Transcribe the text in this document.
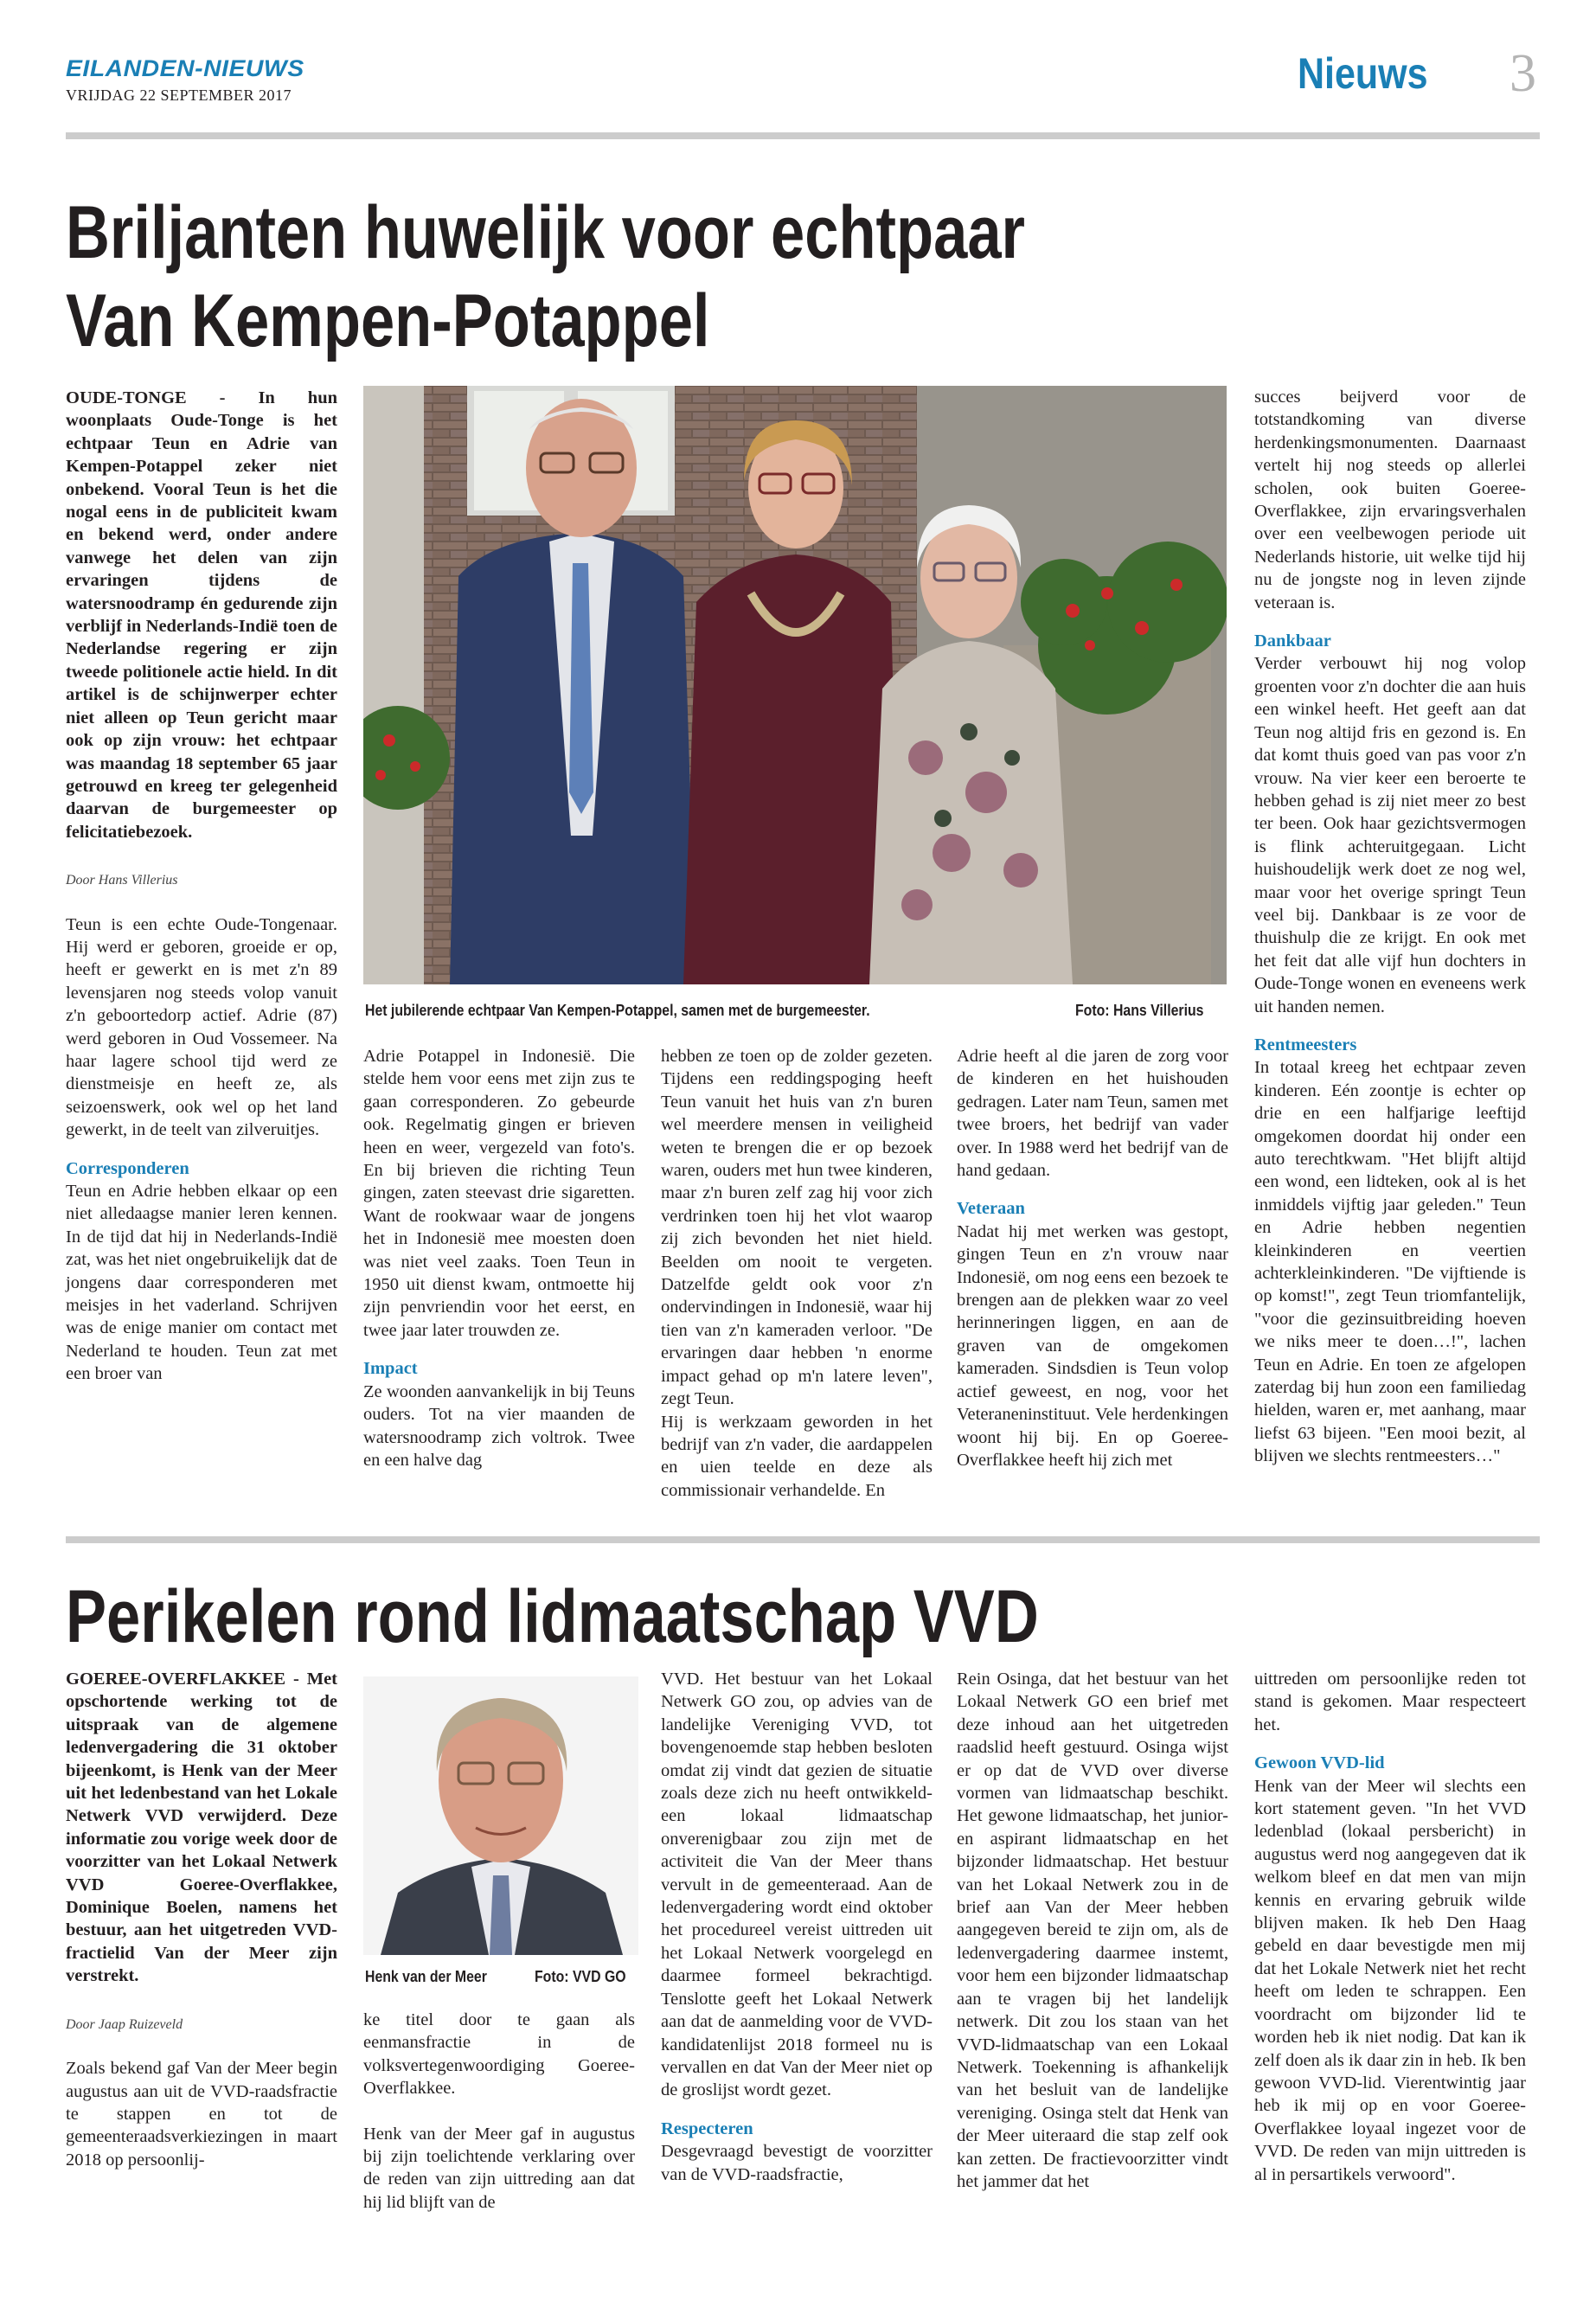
EILANDEN-NIEUWS
VRIJDAG 22 SEPTEMBER 2017	Nieuws 3
Briljanten huwelijk voor echtpaar
Van Kempen-Potappel

OUDE-TONGE - In hun woonplaats Oude-Tonge is het echtpaar Teun en Adrie van Kempen-Potappel zeker niet onbekend. Vooral Teun is het die nogal eens in de publiciteit kwam en bekend werd, onder andere vanwege het delen van zijn ervaringen tijdens de watersnoodramp én gedurende zijn verblijf in Nederlands-Indië toen de Nederlandse regering er zijn tweede politionele actie hield. In dit artikel is de schijnwerper echter niet alleen op Teun gericht maar ook op zijn vrouw: het echtpaar was maandag 18 september 65 jaar getrouwd en kreeg ter gelegenheid daarvan de burgemeester op felicitatiebezoek.

Door Hans Villerius

Teun is een echte Oude-Tongenaar. Hij werd er geboren, groeide er op, heeft er gewerkt en is met z'n 89 levensjaren nog steeds volop vanuit z'n geboortedorp actief. Adrie (87) werd geboren in Oud Vossemeer. Na haar lagere school tijd werd ze dienstmeisje en heeft ze, als seizoenswerk, ook wel op het land gewerkt, in de teelt van zilveruitjes.

Corresponderen

Teun en Adrie hebben elkaar op een niet alledaagse manier leren kennen. In de tijd dat hij in Nederlands-Indië zat, was het niet ongebruikelijk dat de jongens daar corresponderen met meisjes in het vaderland. Schrijven was de enige manier om contact met Nederland te houden. Teun zat met een broer van

Het jubilerende echtpaar Van Kempen-Potappel, samen met de burgemeester.	Foto: Hans Villerius

Adrie Potappel in Indonesië. Die stelde hem voor eens met zijn zus te gaan corresponderen. Zo gebeurde ook. Regelmatig gingen er brieven heen en weer, vergezeld van foto's. En bij brieven die richting Teun gingen, zaten steevast drie sigaretten. Want de rookwaar waar de jongens het in Indonesië mee moesten doen was niet veel zaaks. Toen Teun in 1950 uit dienst kwam, ontmoette hij zijn penvriendin voor het eerst, en twee jaar later trouwden ze.

Impact

Ze woonden aanvankelijk in bij Teuns ouders. Tot na vier maanden de watersnoodramp zich voltrok. Twee en een halve dag

hebben ze toen op de zolder gezeten. Tijdens een reddingspoging heeft Teun vanuit het huis van z'n buren wel meerdere mensen in veiligheid weten te brengen die er op bezoek waren, ouders met hun twee kinderen, maar z'n buren zelf zag hij voor zich verdrinken toen hij het vlot waarop zij zich bevonden het niet hield. Beelden om nooit te vergeten. Datzelfde geldt ook voor z'n ondervindingen in Indonesië, waar hij tien van z'n kameraden verloor. "De ervaringen daar hebben 'n enorme impact gehad op m'n latere leven", zegt Teun.

Hij is werkzaam geworden in het bedrijf van z'n vader, die aardappelen en uien teelde en deze als commissionair verhandelde. En

Adrie heeft al die jaren de zorg voor de kinderen en het huishouden gedragen. Later nam Teun, samen met twee broers, het bedrijf van vader over. In 1988 werd het bedrijf van de hand gedaan.

Veteraan

Nadat hij met werken was gestopt, gingen Teun en z'n vrouw naar Indonesië, om nog eens een bezoek te brengen aan de plekken waar zo veel herinneringen liggen, en aan de graven van de omgekomen kameraden. Sindsdien is Teun volop actief geweest, en nog, voor het Veteraneninstituut. Vele herdenkingen woont hij bij. En op Goeree-Overflakkee heeft hij zich met

succes beijverd voor de totstandkoming van diverse herdenkingsmonumenten. Daarnaast vertelt hij nog steeds op allerlei scholen, ook buiten Goeree-Overflakkee, zijn ervaringsverhalen over een veelbewogen periode uit Nederlands historie, uit welke tijd hij nu de jongste nog in leven zijnde veteraan is.

Dankbaar

Verder verbouwt hij nog volop groenten voor z'n dochter die aan huis een winkel heeft. Het geeft aan dat Teun nog altijd fris en gezond is. En dat komt thuis goed van pas voor z'n vrouw. Na vier keer een beroerte te hebben gehad is zij niet meer zo best ter been. Ook haar gezichtsvermogen is flink achteruitgegaan. Licht huishoudelijk werk doet ze nog wel, maar voor het overige springt Teun veel bij. Dankbaar is ze voor de thuishulp die ze krijgt. En ook met het feit dat alle vijf hun dochters in Oude-Tonge wonen en eveneens werk uit handen nemen.

Rentmeesters

In totaal kreeg het echtpaar zeven kinderen. Eén zoontje is echter op drie en een halfjarige leeftijd omgekomen doordat hij onder een auto terechtkwam. "Het blijft altijd een wond, een lidteken, ook al is het inmiddels vijftig jaar geleden." Teun en Adrie hebben negentien kleinkinderen en veertien achterkleinkinderen. "De vijftiende is op komst!", zegt Teun triomfantelijk, "voor die gezinsuitbreiding hoeven we niks meer te doen…!", lachen Teun en Adrie. En toen ze afgelopen zaterdag bij hun zoon een familiedag hielden, waren er, met aanhang, maar liefst 63 bijeen. "Een mooi bezit, al blijven we slechts rentmeesters…"

Perikelen rond lidmaatschap VVD

GOEREE-OVERFLAKKEE - Met opschortende werking tot de uitspraak van de algemene ledenvergadering die 31 oktober bijeenkomt, is Henk van der Meer uit het ledenbestand van het Lokale Netwerk VVD verwijderd. Deze informatie zou vorige week door de voorzitter van het Lokaal Netwerk VVD Goeree-Overflakkee, Dominique Boelen, namens het bestuur, aan het uitgetreden VVD-fractielid Van der Meer zijn verstrekt.

Door Jaap Ruizeveld

Zoals bekend gaf Van der Meer begin augustus aan uit de VVD-raadsfractie te stappen en tot de gemeenteraadsverkiezingen in maart 2018 op persoonlij-

Henk van der Meer	Foto: VVD GO

ke titel door te gaan als eenmansfractie in de volksvertegenwoordiging Goeree-Overflakkee.

Henk van der Meer gaf in augustus bij zijn toelichtende verklaring over de reden van zijn uittreding aan dat hij lid blijft van de

VVD. Het bestuur van het Lokaal Netwerk GO zou, op advies van de landelijke Vereniging VVD, tot bovengenoemde stap hebben besloten omdat zij vindt dat gezien de situatie zoals deze zich nu heeft ontwikkeld- een lokaal lidmaatschap onverenigbaar zou zijn met de activiteit die Van der Meer thans vervult in de gemeenteraad. Aan de ledenvergadering wordt eind oktober het procedureel vereist uittreden uit het Lokaal Netwerk voorgelegd en daarmee formeel bekrachtigd. Tenslotte geeft het Lokaal Netwerk aan dat de aanmelding voor de VVD-kandidatenlijst 2018 formeel nu is vervallen en dat Van der Meer niet op de groslijst wordt gezet.

Respecteren

Desgevraagd bevestigt de voorzitter van de VVD-raadsfractie,

Rein Osinga, dat het bestuur van het Lokaal Netwerk GO een brief met deze inhoud aan het uitgetreden raadslid heeft gestuurd. Osinga wijst er op dat de VVD over diverse vormen van lidmaatschap beschikt. Het gewone lidmaatschap, het junior- en aspirant lidmaatschap en het bijzonder lidmaatschap. Het bestuur van het Lokaal Netwerk zou in de brief aan Van der Meer hebben aangegeven bereid te zijn om, als de ledenvergadering daarmee instemt, voor hem een bijzonder lidmaatschap aan te vragen bij het landelijk netwerk. Dit zou los staan van het VVD-lidmaatschap van een Lokaal Netwerk. Toekenning is afhankelijk van het besluit van de landelijke vereniging. Osinga stelt dat Henk van der Meer uiteraard die stap zelf ook kan zetten. De fractievoorzitter vindt het jammer dat het

uittreden om persoonlijke reden tot stand is gekomen. Maar respecteert het.

Gewoon VVD-lid

Henk van der Meer wil slechts een kort statement geven. "In het VVD ledenblad (lokaal persbericht) in augustus werd nog aangegeven dat ik welkom bleef en dat men van mijn kennis en ervaring gebruik wilde blijven maken. Ik heb Den Haag gebeld en daar bevestigde men mij dat het Lokale Netwerk niet het recht heeft om leden te schrappen. Een voordracht om bijzonder lid te worden heb ik niet nodig. Dat kan ik zelf doen als ik daar zin in heb. Ik ben gewoon VVD-lid. Vierentwintig jaar heb ik mij op en voor Goeree-Overflakkee loyaal ingezet voor de VVD. De reden van mijn uittreden is al in persartikels verwoord".
